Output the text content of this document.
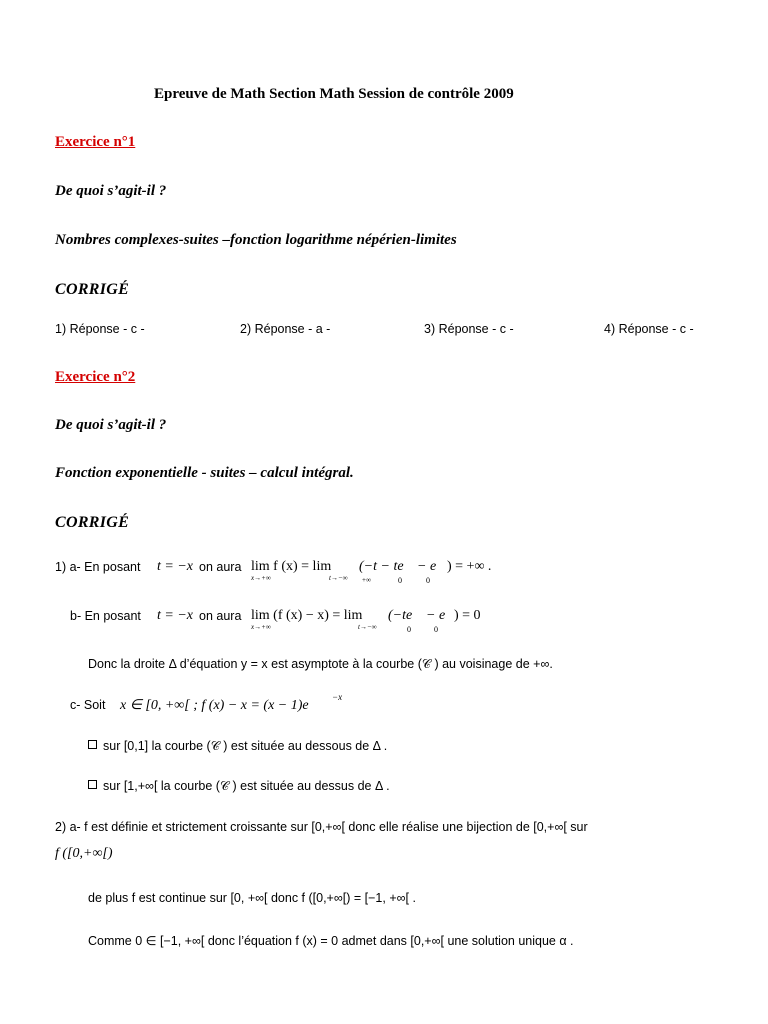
Epreuve de Math Section Math Session de contrôle 2009
Exercice n°1
De quoi s’agit-il ?
Nombres complexes-suites –fonction logarithme népérien-limites
CORRIGÉ
1) Réponse - c -	2) Réponse - a -	3) Réponse - c -	4) Réponse - c -
Exercice n°2
De quoi s’agit-il ?
Fonction exponentielle - suites – calcul intégral.
CORRIGÉ
1) a- En posant t = −x on aura lim f (x) = lim
x→+∞	t→−∞
(−t − te − e ) = +∞ .
+∞	0	0
b- En posant t = −x on aura lim (f (x) − x) = lim
x→+∞	t→−∞
(−te − e ) = 0
0	0
Donc la droite Δ d’équation y = x est asymptote à la courbe (𝒞 ) au voisinage de +∞.
c- Soit x ∈ [0, +∞[ ; f (x) − x = (x − 1)e
−x
sur [0,1] la courbe (𝒞 ) est située au dessous de Δ .
sur [1,+∞[ la courbe (𝒞 ) est située au dessus de Δ .
2) a- f est définie et strictement croissante sur [0,+∞[ donc elle réalise une bijection de [0,+∞[ sur
f ([0,+∞[)
de plus f est continue sur [0, +∞[ donc f ([0,+∞[) = [−1, +∞[ .
Comme 0 ∈ [−1, +∞[ donc l’équation f (x) = 0 admet dans [0,+∞[ une solution unique α .
